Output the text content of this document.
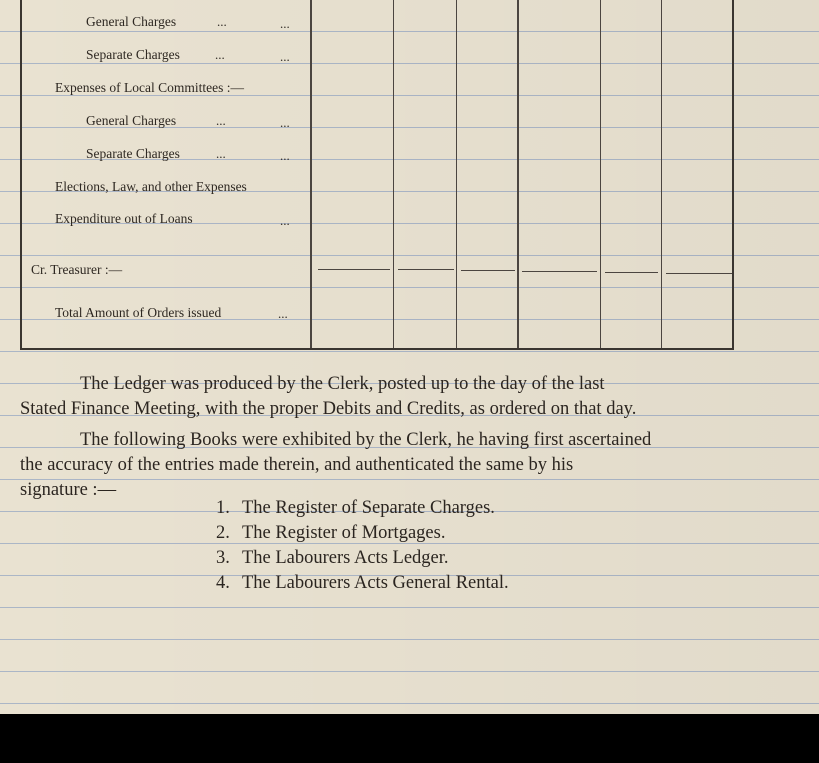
General Charges	...	...
Separate Charges	...	...
Expenses of Local Committees :—
General Charges	...	...
Separate Charges	...	...
Elections, Law, and other Expenses
Expenditure out of Loans	...
Cr. Treasurer :—
Total Amount of Orders issued	...
The Ledger was produced by the Clerk, posted up to the day of the last
Stated Finance Meeting, with the proper Debits and Credits, as ordered on that day.
The following Books were exhibited by the Clerk, he having first ascertained
the accuracy of the entries made therein, and authenticated the same by his
signature :—
1. The Register of Separate Charges.
2. The Register of Mortgages.
3. The Labourers Acts Ledger.
4. The Labourers Acts General Rental.
